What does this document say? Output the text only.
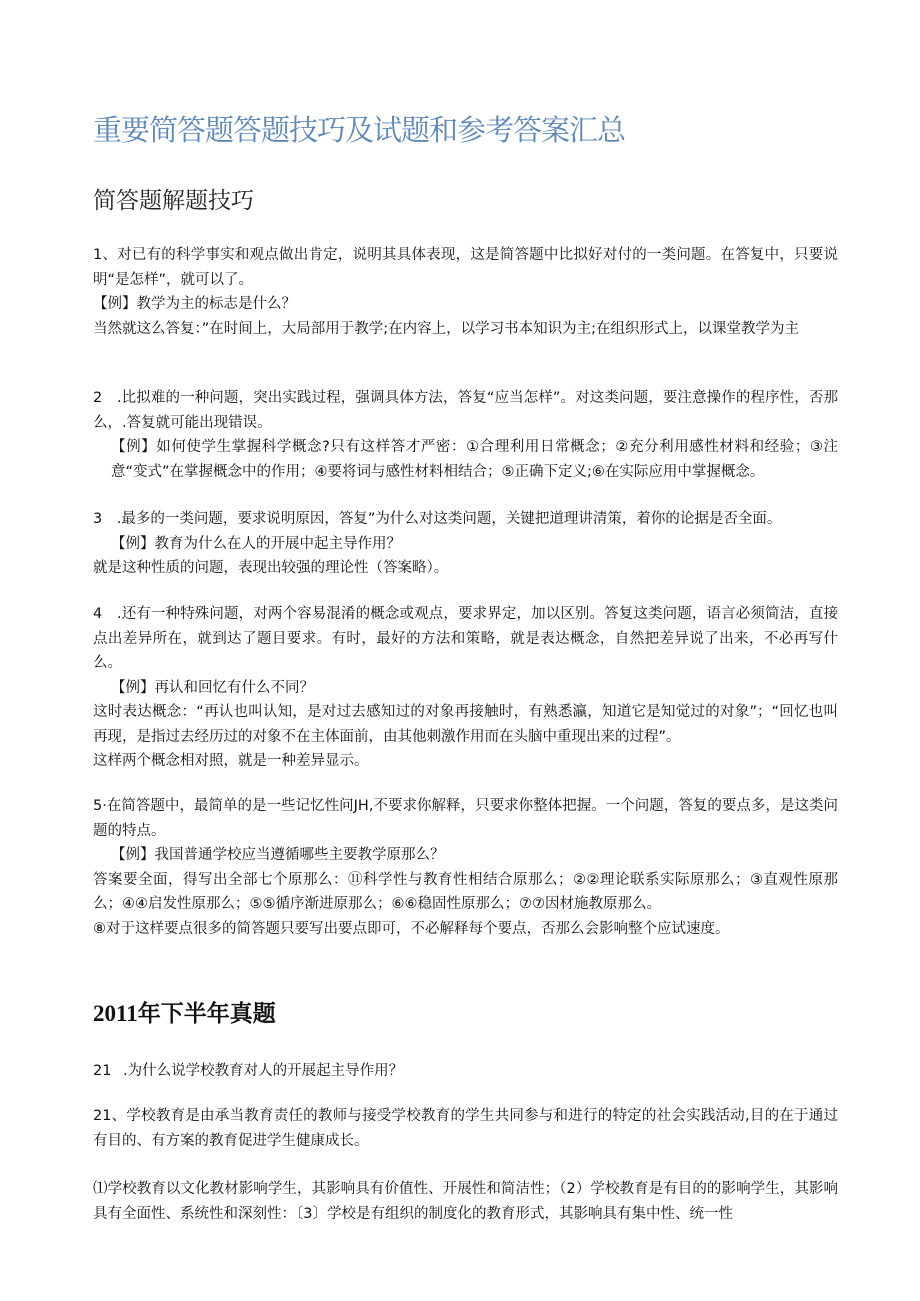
重要简答题答题技巧及试题和参考答案汇总
简答题解题技巧

1、对已有的科学事实和观点做出肯定，说明其具体表现，这是简答题中比拟好对付的一类问题。在答复中，只要说明“是怎样”，就可以了。

【例】教学为主的标志是什么？

当然就这么答复：”在时间上，大局部用于教学;在内容上，以学习书本知识为主;在组织形式上，以课堂教学为主

2　.比拟难的一种问题，突出实践过程，强调具体方法，答复“应当怎样”。对这类问题，要注意操作的程序性，否那么，.答复就可能出现错误。

【例】如何使学生掌握科学概念?只有这样答才严密：①合理利用日常概念；②充分利用感性材料和经验；③注意“变式”在掌握概念中的作用；④要将词与感性材料相结合；⑤正确下定义;⑥在实际应用中掌握概念。

3　.最多的一类问题，要求说明原因，答复”为什么对这类问题，关键把道理讲清策，着你的论据是否全面。

【例】教育为什么在人的开展中起主导作用？

就是这种性质的问题，表现出较强的理论性（答案略）。

4　.还有一种特殊问题，对两个容易混淆的概念或观点，要求界定，加以区别。答复这类问题，语言必须简洁，直接点出差异所在，就到达了题目要求。有时，最好的方法和策略，就是表达概念，自然把差异说了出来，不必再写什么。

【例】再认和回忆有什么不同？

这时表达概念：“再认也叫认知，是对过去感知过的对象再接触时，有熟悉瀛，知道它是知觉过的对象”；“回忆也叫再现，是指过去经历过的对象不在主体面前，由其他刺激作用而在头脑中重现出来的过程”。

这样两个概念相对照，就是一种差异显示。

5·在简答题中，最简单的是一些记忆性问JH,不要求你解释，只要求你整体把握。一个问题，答复的要点多，是这类问题的特点。

【例】我国普通学校应当遵循哪些主要教学原那么？

答案要全面，得写出全部七个原那么：⑪科学性与教育性相结合原那么；②②理论联系实际原那么；③直观性原那么；④④启发性原那么；⑤⑤循序渐进原那么；⑥⑥稳固性原那么；⑦⑦因材施教原那么。

⑧对于这样要点很多的简答题只要写出要点即可，不必解释每个要点，否那么会影响整个应试速度。

2011年下半年真题

21 .为什么说学校教育对人的开展起主导作用？

21、学校教育是由承当教育责任的教师与接受学校教育的学生共同参与和进行的特定的社会实践活动,目的在于通过有目的、有方案的教育促进学生健康成长。

⑴学校教育以文化教材影响学生，其影响具有价值性、开展性和简洁性；（2）学校教育是有目的的影响学生，其影响具有全面性、系统性和深刻性：〔3〕学校是有组织的制度化的教育形式，其影响具有集中性、统一性
